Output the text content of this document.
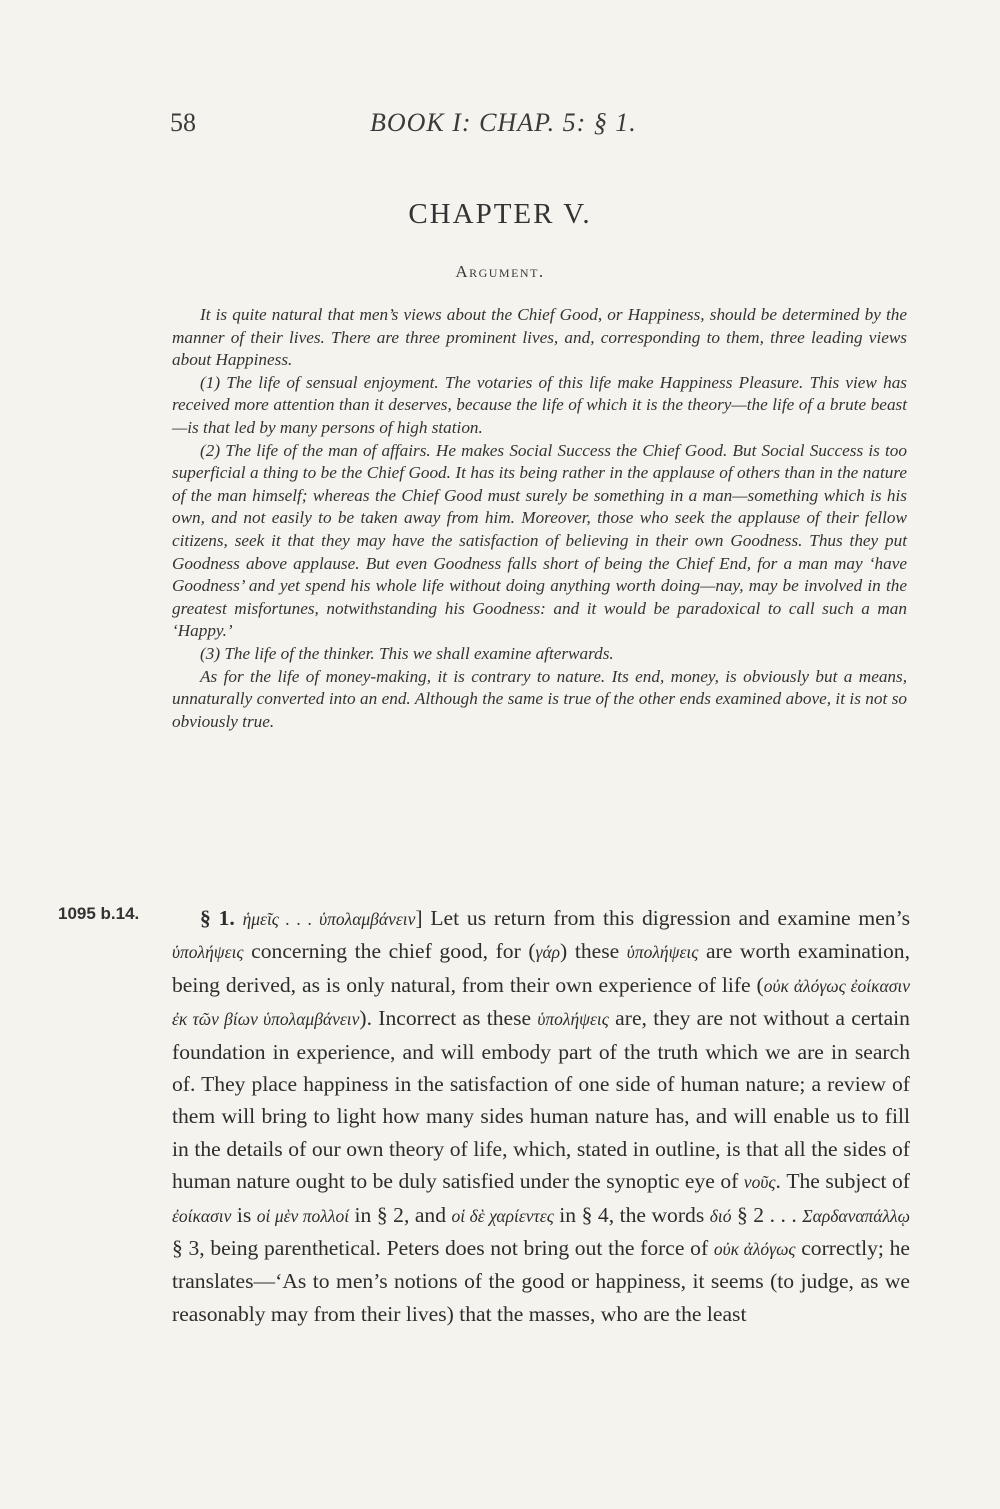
58	BOOK I: CHAP. 5: § 1.
CHAPTER V.
Argument.

It is quite natural that men’s views about the Chief Good, or Happiness, should be determined by the manner of their lives. There are three prominent lives, and, corresponding to them, three leading views about Happiness.

(1) The life of sensual enjoyment. The votaries of this life make Happiness Pleasure. This view has received more attention than it deserves, because the life of which it is the theory—the life of a brute beast—is that led by many persons of high station.

(2) The life of the man of affairs. He makes Social Success the Chief Good. But Social Success is too superficial a thing to be the Chief Good. It has its being rather in the applause of others than in the nature of the man himself; whereas the Chief Good must surely be something in a man—something which is his own, and not easily to be taken away from him. Moreover, those who seek the applause of their fellow citizens, seek it that they may have the satisfaction of believing in their own Goodness. Thus they put Goodness above applause. But even Goodness falls short of being the Chief End, for a man may ‘have Goodness’ and yet spend his whole life without doing anything worth doing—nay, may be involved in the greatest misfortunes, notwithstanding his Goodness: and it would be paradoxical to call such a man ‘Happy.’

(3) The life of the thinker. This we shall examine afterwards.

As for the life of money-making, it is contrary to nature. Its end, money, is obviously but a means, unnaturally converted into an end. Although the same is true of the other ends examined above, it is not so obviously true.

1095 b.14.	§ 1. ἡμεῖς . . . ὑπολαμβάνειν] Let us return from this digression and examine men’s ὑπολήψεις concerning the chief good, for (γάρ) these ὑπολήψεις are worth examination, being derived, as is only natural, from their own experience of life (οὐκ ἀλόγως ἐοίκασιν ἐκ τῶν βίων ὑπολαμβάνειν). Incorrect as these ὑπολήψεις are, they are not without a certain foundation in experience, and will embody part of the truth which we are in search of. They place happiness in the satisfaction of one side of human nature; a review of them will bring to light how many sides human nature has, and will enable us to fill in the details of our own theory of life, which, stated in outline, is that all the sides of human nature ought to be duly satisfied under the synoptic eye of νοῦς. The subject of ἐοίκασιν is οἱ μὲν πολλοί in § 2, and οἱ δὲ χαρίεντες in § 4, the words διό § 2 . . . Σαρδαναπάλλῳ § 3, being parenthetical. Peters does not bring out the force of οὐκ ἀλόγως correctly; he translates—‘As to men’s notions of the good or happiness, it seems (to judge, as we reasonably may from their lives) that the masses, who are the least
